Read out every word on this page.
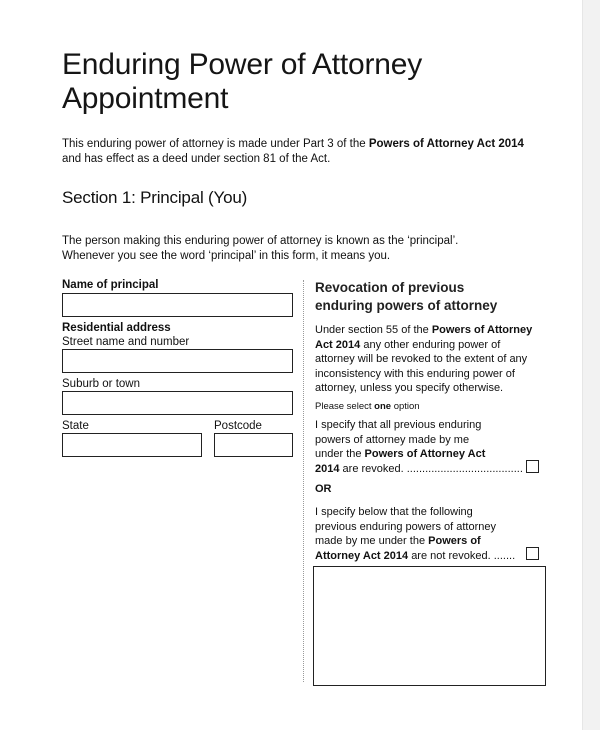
Enduring Power of Attorney
Appointment
This enduring power of attorney is made under Part 3 of the Powers of Attorney Act 2014
and has effect as a deed under section 81 of the Act.
Section 1: Principal (You)
The person making this enduring power of attorney is known as the ‘principal’.
Whenever you see the word ‘principal’ in this form, it means you.
Name of principal
Residential address
Street name and number
Suburb or town
State	Postcode
Revocation of previous
enduring powers of attorney
Under section 55 of the Powers of Attorney
Act 2014 any other enduring power of
attorney will be revoked to the extent of any
inconsistency with this enduring power of
attorney, unless you specify otherwise.
Please select one option
I specify that all previous enduring
powers of attorney made by me
under the Powers of Attorney Act
2014 are revoked. ......................................
OR
I specify below that the following
previous enduring powers of attorney
made by me under the Powers of
Attorney Act 2014 are not revoked. .......
